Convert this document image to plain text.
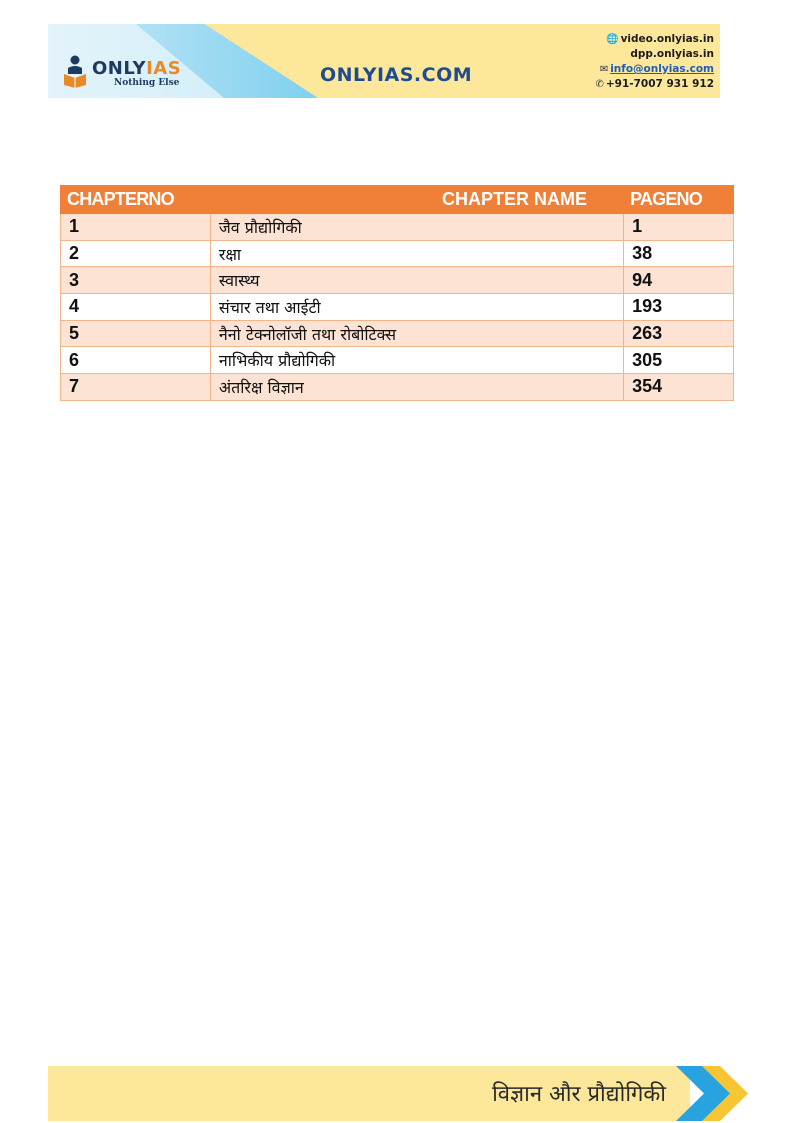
ONLYIAS
Nothing Else	ONLYIAS.COM
🌐 video.onlyias.in
dpp.onlyias.in
✉ info@onlyias.com
✆ +91-7007 931 912
CHAPTERNO	CHAPTER NAME	PAGENO
1	जैव प्रौद्योगिकी	1
2	रक्षा	38
3	स्वास्थ्य	94
4	संचार तथा आईटी	193
5	नैनो टेक्नोलॉजी तथा रोबोटिक्स	263
6	नाभिकीय प्रौद्योगिकी	305
7	अंतरिक्ष विज्ञान	354
विज्ञान और प्रौद्योगिकी
